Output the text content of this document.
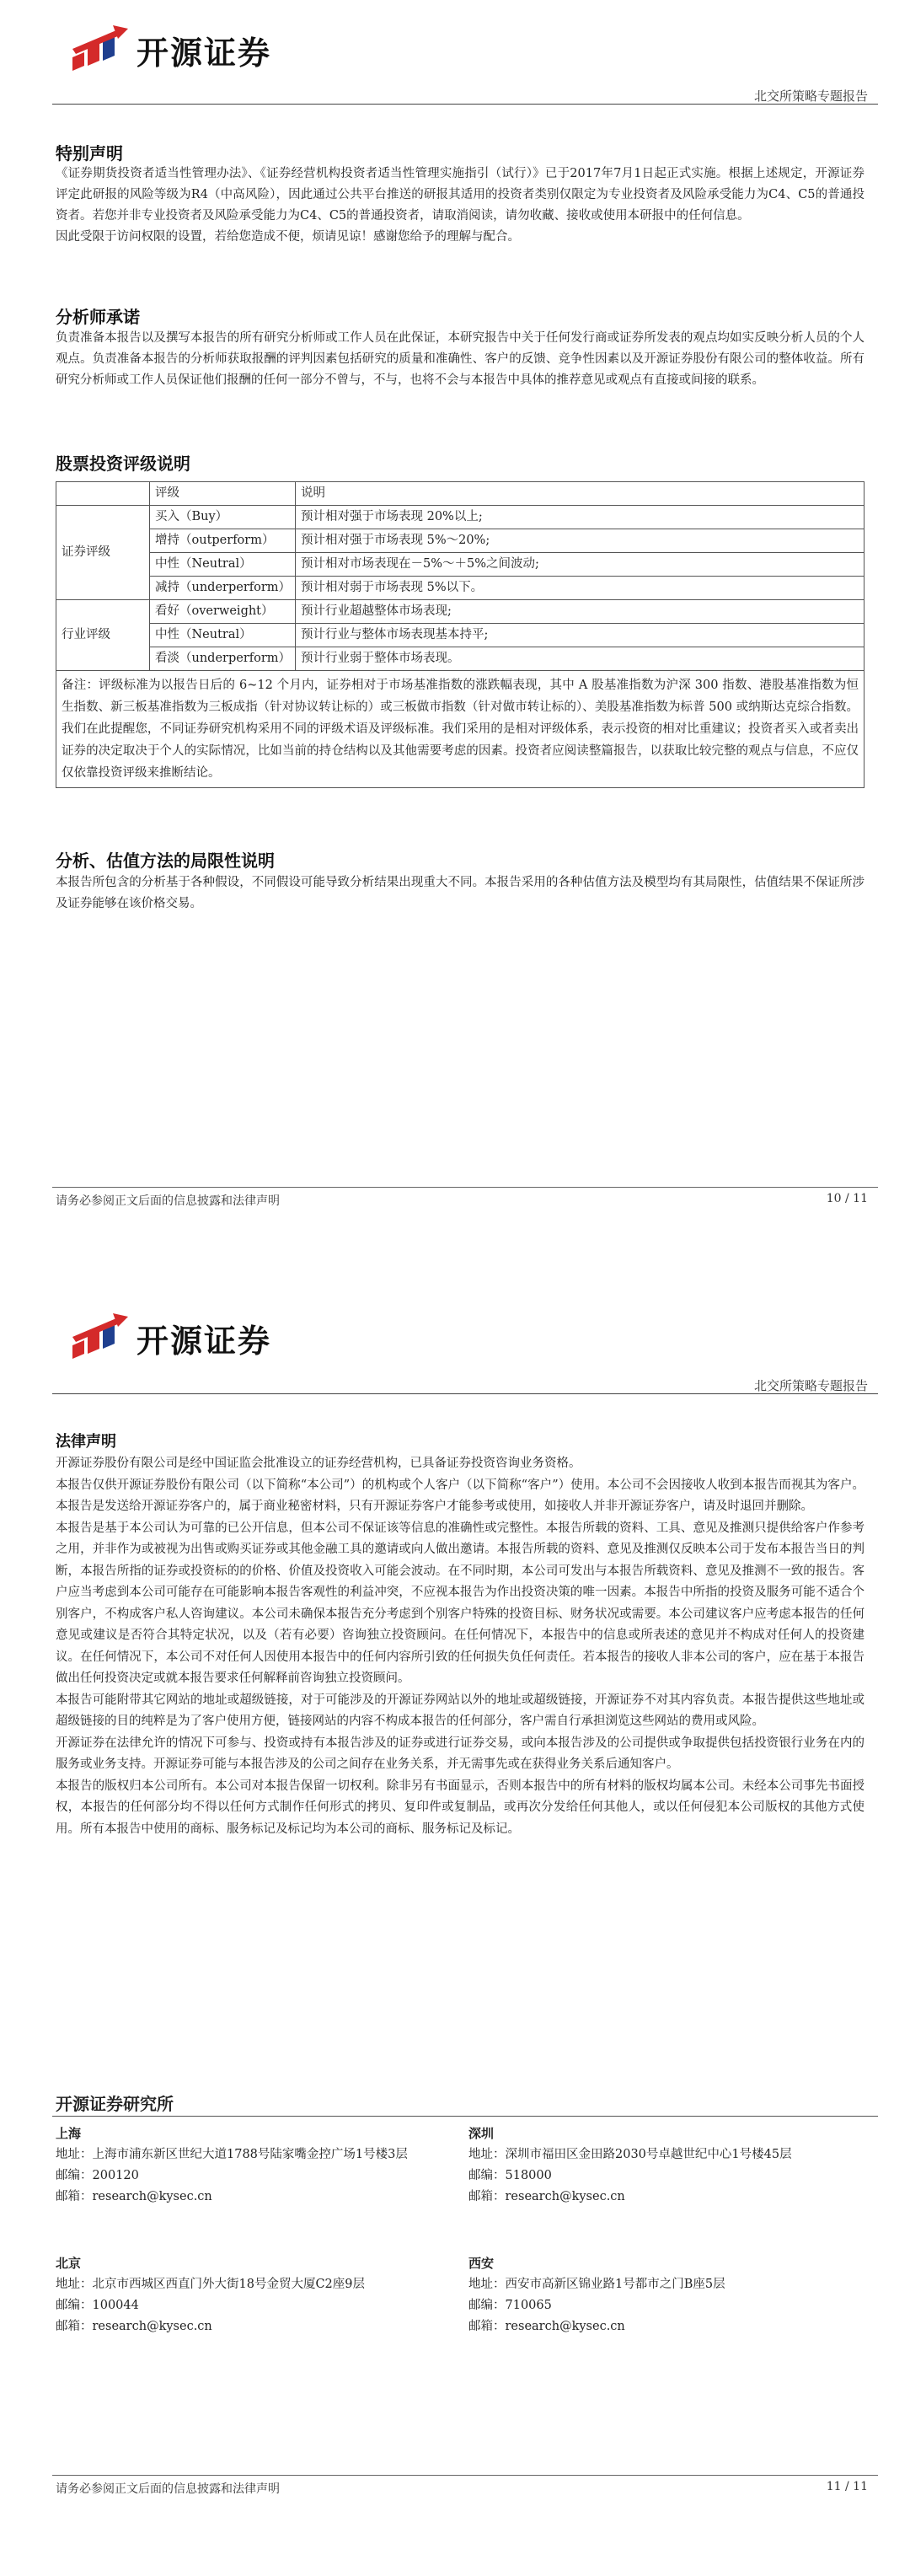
开源证券
北交所策略专题报告
特别声明

《证券期货投资者适当性管理办法》、《证券经营机构投资者适当性管理实施指引（试行）》已于2017年7月1日起正式实施。根据上述规定，开源证券评定此研报的风险等级为R4（中高风险），因此通过公共平台推送的研报其适用的投资者类别仅限定为专业投资者及风险承受能力为C4、C5的普通投资者。若您并非专业投资者及风险承受能力为C4、C5的普通投资者，请取消阅读，请勿收藏、接收或使用本研报中的任何信息。

因此受限于访问权限的设置，若给您造成不便，烦请见谅！感谢您给予的理解与配合。

分析师承诺
负责准备本报告以及撰写本报告的所有研究分析师或工作人员在此保证，本研究报告中关于任何发行商或证券所发表的观点均如实反映分析人员的个人观点。负责准备本报告的分析师获取报酬的评判因素包括研究的质量和准确性、客户的反馈、竞争性因素以及开源证券股份有限公司的整体收益。所有研究分析师或工作人员保证他们报酬的任何一部分不曾与，不与，也将不会与本报告中具体的推荐意见或观点有直接或间接的联系。
股票投资评级说明
	评级	说明
证券评级	买入（Buy）	预计相对强于市场表现 20%以上;
	增持（outperform）	预计相对强于市场表现 5%～20%;
	中性（Neutral）	预计相对市场表现在－5%～＋5%之间波动;
	减持（underperform）	预计相对弱于市场表现 5%以下。
行业评级	看好（overweight）	预计行业超越整体市场表现;
	中性（Neutral）	预计行业与整体市场表现基本持平;
	看淡（underperform）	预计行业弱于整体市场表现。
备注：评级标准为以报告日后的 6~12 个月内，证券相对于市场基准指数的涨跌幅表现，其中 A 股基准指数为沪深 300 指数、港股基准指数为恒生指数、新三板基准指数为三板成指（针对协议转让标的）或三板做市指数（针对做市转让标的）、美股基准指数为标普 500 或纳斯达克综合指数。我们在此提醒您，不同证券研究机构采用不同的评级术语及评级标准。我们采用的是相对评级体系，表示投资的相对比重建议；投资者买入或者卖出证券的决定取决于个人的实际情况，比如当前的持仓结构以及其他需要考虑的因素。投资者应阅读整篇报告，以获取比较完整的观点与信息，不应仅仅依靠投资评级来推断结论。		
分析、估值方法的局限性说明
本报告所包含的分析基于各种假设，不同假设可能导致分析结果出现重大不同。本报告采用的各种估值方法及模型均有其局限性，估值结果不保证所涉及证券能够在该价格交易。
请务必参阅正文后面的信息披露和法律声明	10 / 11
开源证券
北交所策略专题报告
法律声明

开源证券股份有限公司是经中国证监会批准设立的证券经营机构，已具备证券投资咨询业务资格。

本报告仅供开源证券股份有限公司（以下简称“本公司”）的机构或个人客户（以下简称“客户”）使用。本公司不会因接收人收到本报告而视其为客户。本报告是发送给开源证券客户的，属于商业秘密材料，只有开源证券客户才能参考或使用，如接收人并非开源证券客户，请及时退回并删除。

本报告是基于本公司认为可靠的已公开信息，但本公司不保证该等信息的准确性或完整性。本报告所载的资料、工具、意见及推测只提供给客户作参考之用，并非作为或被视为出售或购买证券或其他金融工具的邀请或向人做出邀请。本报告所载的资料、意见及推测仅反映本公司于发布本报告当日的判断，本报告所指的证券或投资标的的价格、价值及投资收入可能会波动。在不同时期，本公司可发出与本报告所载资料、意见及推测不一致的报告。客户应当考虑到本公司可能存在可能影响本报告客观性的利益冲突，不应视本报告为作出投资决策的唯一因素。本报告中所指的投资及服务可能不适合个别客户，不构成客户私人咨询建议。本公司未确保本报告充分考虑到个别客户特殊的投资目标、财务状况或需要。本公司建议客户应考虑本报告的任何意见或建议是否符合其特定状况，以及（若有必要）咨询独立投资顾问。在任何情况下，本报告中的信息或所表述的意见并不构成对任何人的投资建议。在任何情况下，本公司不对任何人因使用本报告中的任何内容所引致的任何损失负任何责任。若本报告的接收人非本公司的客户，应在基于本报告做出任何投资决定或就本报告要求任何解释前咨询独立投资顾问。

本报告可能附带其它网站的地址或超级链接，对于可能涉及的开源证券网站以外的地址或超级链接，开源证券不对其内容负责。本报告提供这些地址或超级链接的目的纯粹是为了客户使用方便，链接网站的内容不构成本报告的任何部分，客户需自行承担浏览这些网站的费用或风险。

开源证券在法律允许的情况下可参与、投资或持有本报告涉及的证券或进行证券交易，或向本报告涉及的公司提供或争取提供包括投资银行业务在内的服务或业务支持。开源证券可能与本报告涉及的公司之间存在业务关系，并无需事先或在获得业务关系后通知客户。

本报告的版权归本公司所有。本公司对本报告保留一切权利。除非另有书面显示，否则本报告中的所有材料的版权均属本公司。未经本公司事先书面授权，本报告的任何部分均不得以任何方式制作任何形式的拷贝、复印件或复制品，或再次分发给任何其他人，或以任何侵犯本公司版权的其他方式使用。所有本报告中使用的商标、服务标记及标记均为本公司的商标、服务标记及标记。

开源证券研究所
上海
地址：上海市浦东新区世纪大道1788号陆家嘴金控广场1号楼3层
邮编：200120
邮箱：research@kysec.cn
深圳
地址：深圳市福田区金田路2030号卓越世纪中心1号楼45层
邮编：518000
邮箱：research@kysec.cn
北京
地址：北京市西城区西直门外大街18号金贸大厦C2座9层
邮编：100044
邮箱：research@kysec.cn
西安
地址：西安市高新区锦业路1号都市之门B座5层
邮编：710065
邮箱：research@kysec.cn
请务必参阅正文后面的信息披露和法律声明	11 / 11
